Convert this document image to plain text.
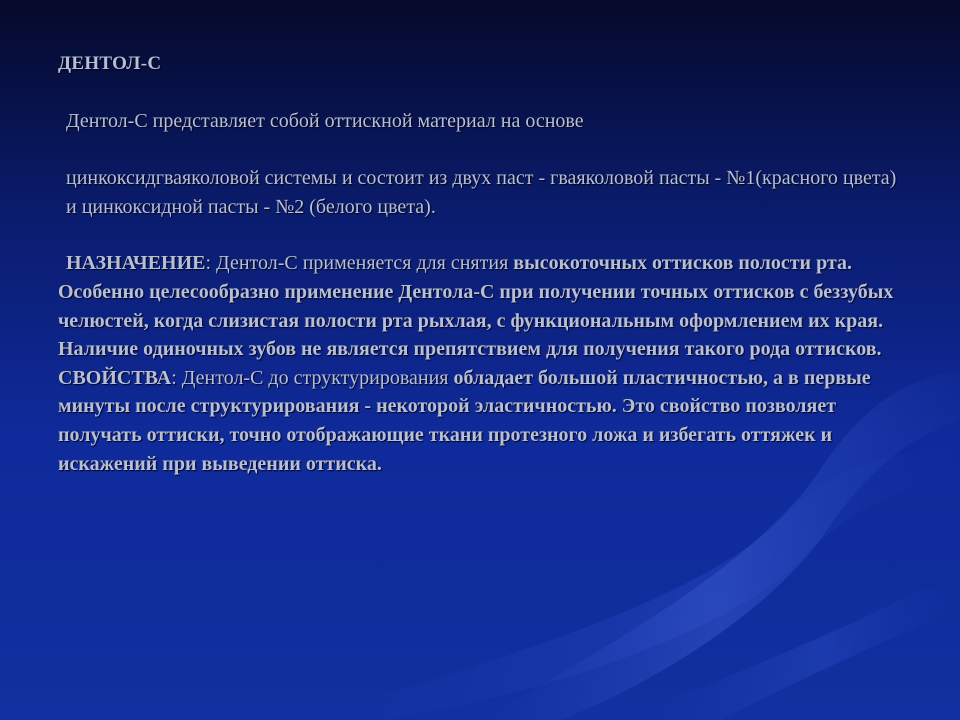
ДЕНТОЛ-С

Дентол-С представляет собой оттискной материал на основе

цинкоксидгваяколовой системы и состоит из двух паст - гваяколовой пасты - №1(красного цвета) и цинкоксидной пасты - №2 (белого цвета).

НАЗНАЧЕНИЕ: Дентол-С применяется для снятия высокоточных оттисков полости рта. Особенно целесообразно применение Дентола-С при получении точных оттисков с беззубых челюстей, когда слизистая полости рта рыхлая, с функциональным оформлением их края. Наличие одиночных зубов не является препятствием для получения такого рода оттисков.

СВОЙСТВА: Дентол-С до структурирования обладает большой пластичностью, а в первые минуты после структурирования - некоторой эластичностью. Это свойство позволяет получать оттиски, точно отображающие ткани протезного ложа и избегать оттяжек и искажений при выведении оттиска.
